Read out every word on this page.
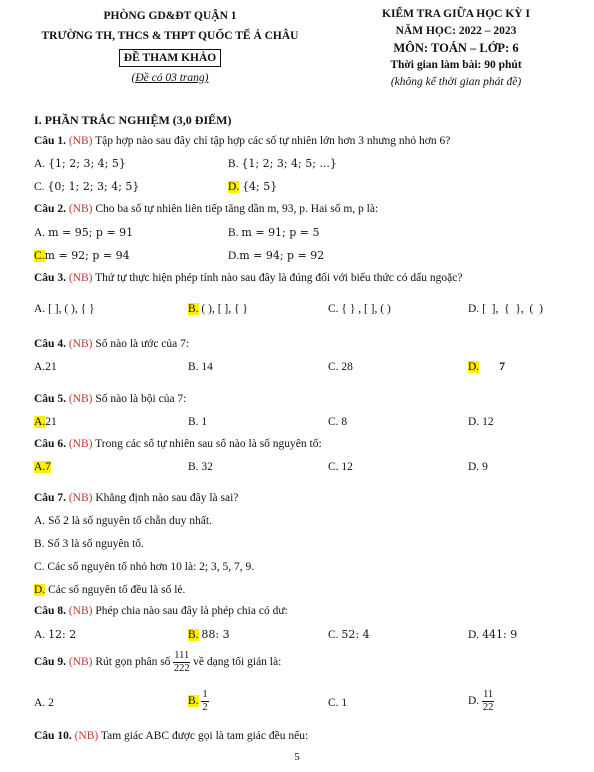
PHÒNG GD&ĐT QUẬN 1
TRƯỜNG TH, THCS & THPT QUỐC TẾ Á CHÂU
ĐỀ THAM KHẢO
(Đề có 03 trang)
KIỂM TRA GIỮA HỌC KỲ I
NĂM HỌC: 2022 – 2023
MÔN: TOÁN – LỚP: 6
Thời gian làm bài: 90 phút
(không kể thời gian phát đề)
I. PHẦN TRẮC NGHIỆM (3,0 ĐIỂM)
Câu 1. (NB) Tập hợp nào sau đây chỉ tập hợp các số tự nhiên lớn hơn 3 nhưng nhỏ hơn 6?
A. {1; 2; 3; 4; 5}	B. {1; 2; 3; 4; 5; ...}
C. {0; 1; 2; 3; 4; 5}	D. {4; 5}
Câu 2. (NB) Cho ba số tự nhiên liên tiếp tăng dần m, 93, p. Hai số m, p là:
A. m = 95; p = 91	B. m = 91; p = 5
C.m = 92; p = 94	D.m = 94; p = 92
Câu 3. (NB) Thứ tự thực hiện phép tính nào sau đây là đúng đối với biểu thức có dấu ngoặc?
A. [ ], ( ), { }	B. ( ), [ ], { }	C. { } , [ ], ( )	D. [  ],  {  },  (  )
Câu 4. (NB) Số nào là ước của 7:
A.21	B. 14	C. 28	D. 7
Câu 5. (NB) Số nào là bội của 7:
A.21	B. 1	C. 8	D. 12
Câu 6. (NB) Trong các số tự nhiên sau số nào là số nguyên tố:
A.7	B. 32	C. 12	D. 9
Câu 7. (NB) Khẳng định nào sau đây là sai?
A. Số 2 là số nguyên tố chẵn duy nhất.
B. Số 3 là số nguyên tố.
C. Các số nguyên tố nhỏ hơn 10 là: 2; 3, 5, 7, 9.
D. Các số nguyên tố đều là số lẻ.
Câu 8. (NB) Phép chia nào sau đây là phép chia có dư:
A. 12: 2	B. 88: 3	C. 52: 4	D. 441: 9
Câu 9. (NB) Rút gọn phân số $\frac{111}{222}$ về dạng tối giản là:
A. 2	B. $\frac{1}{2}$	C. 1	D. $\frac{11}{22}$
Câu 10. (NB) Tam giác ABC được gọi là tam giác đều nếu:
5
